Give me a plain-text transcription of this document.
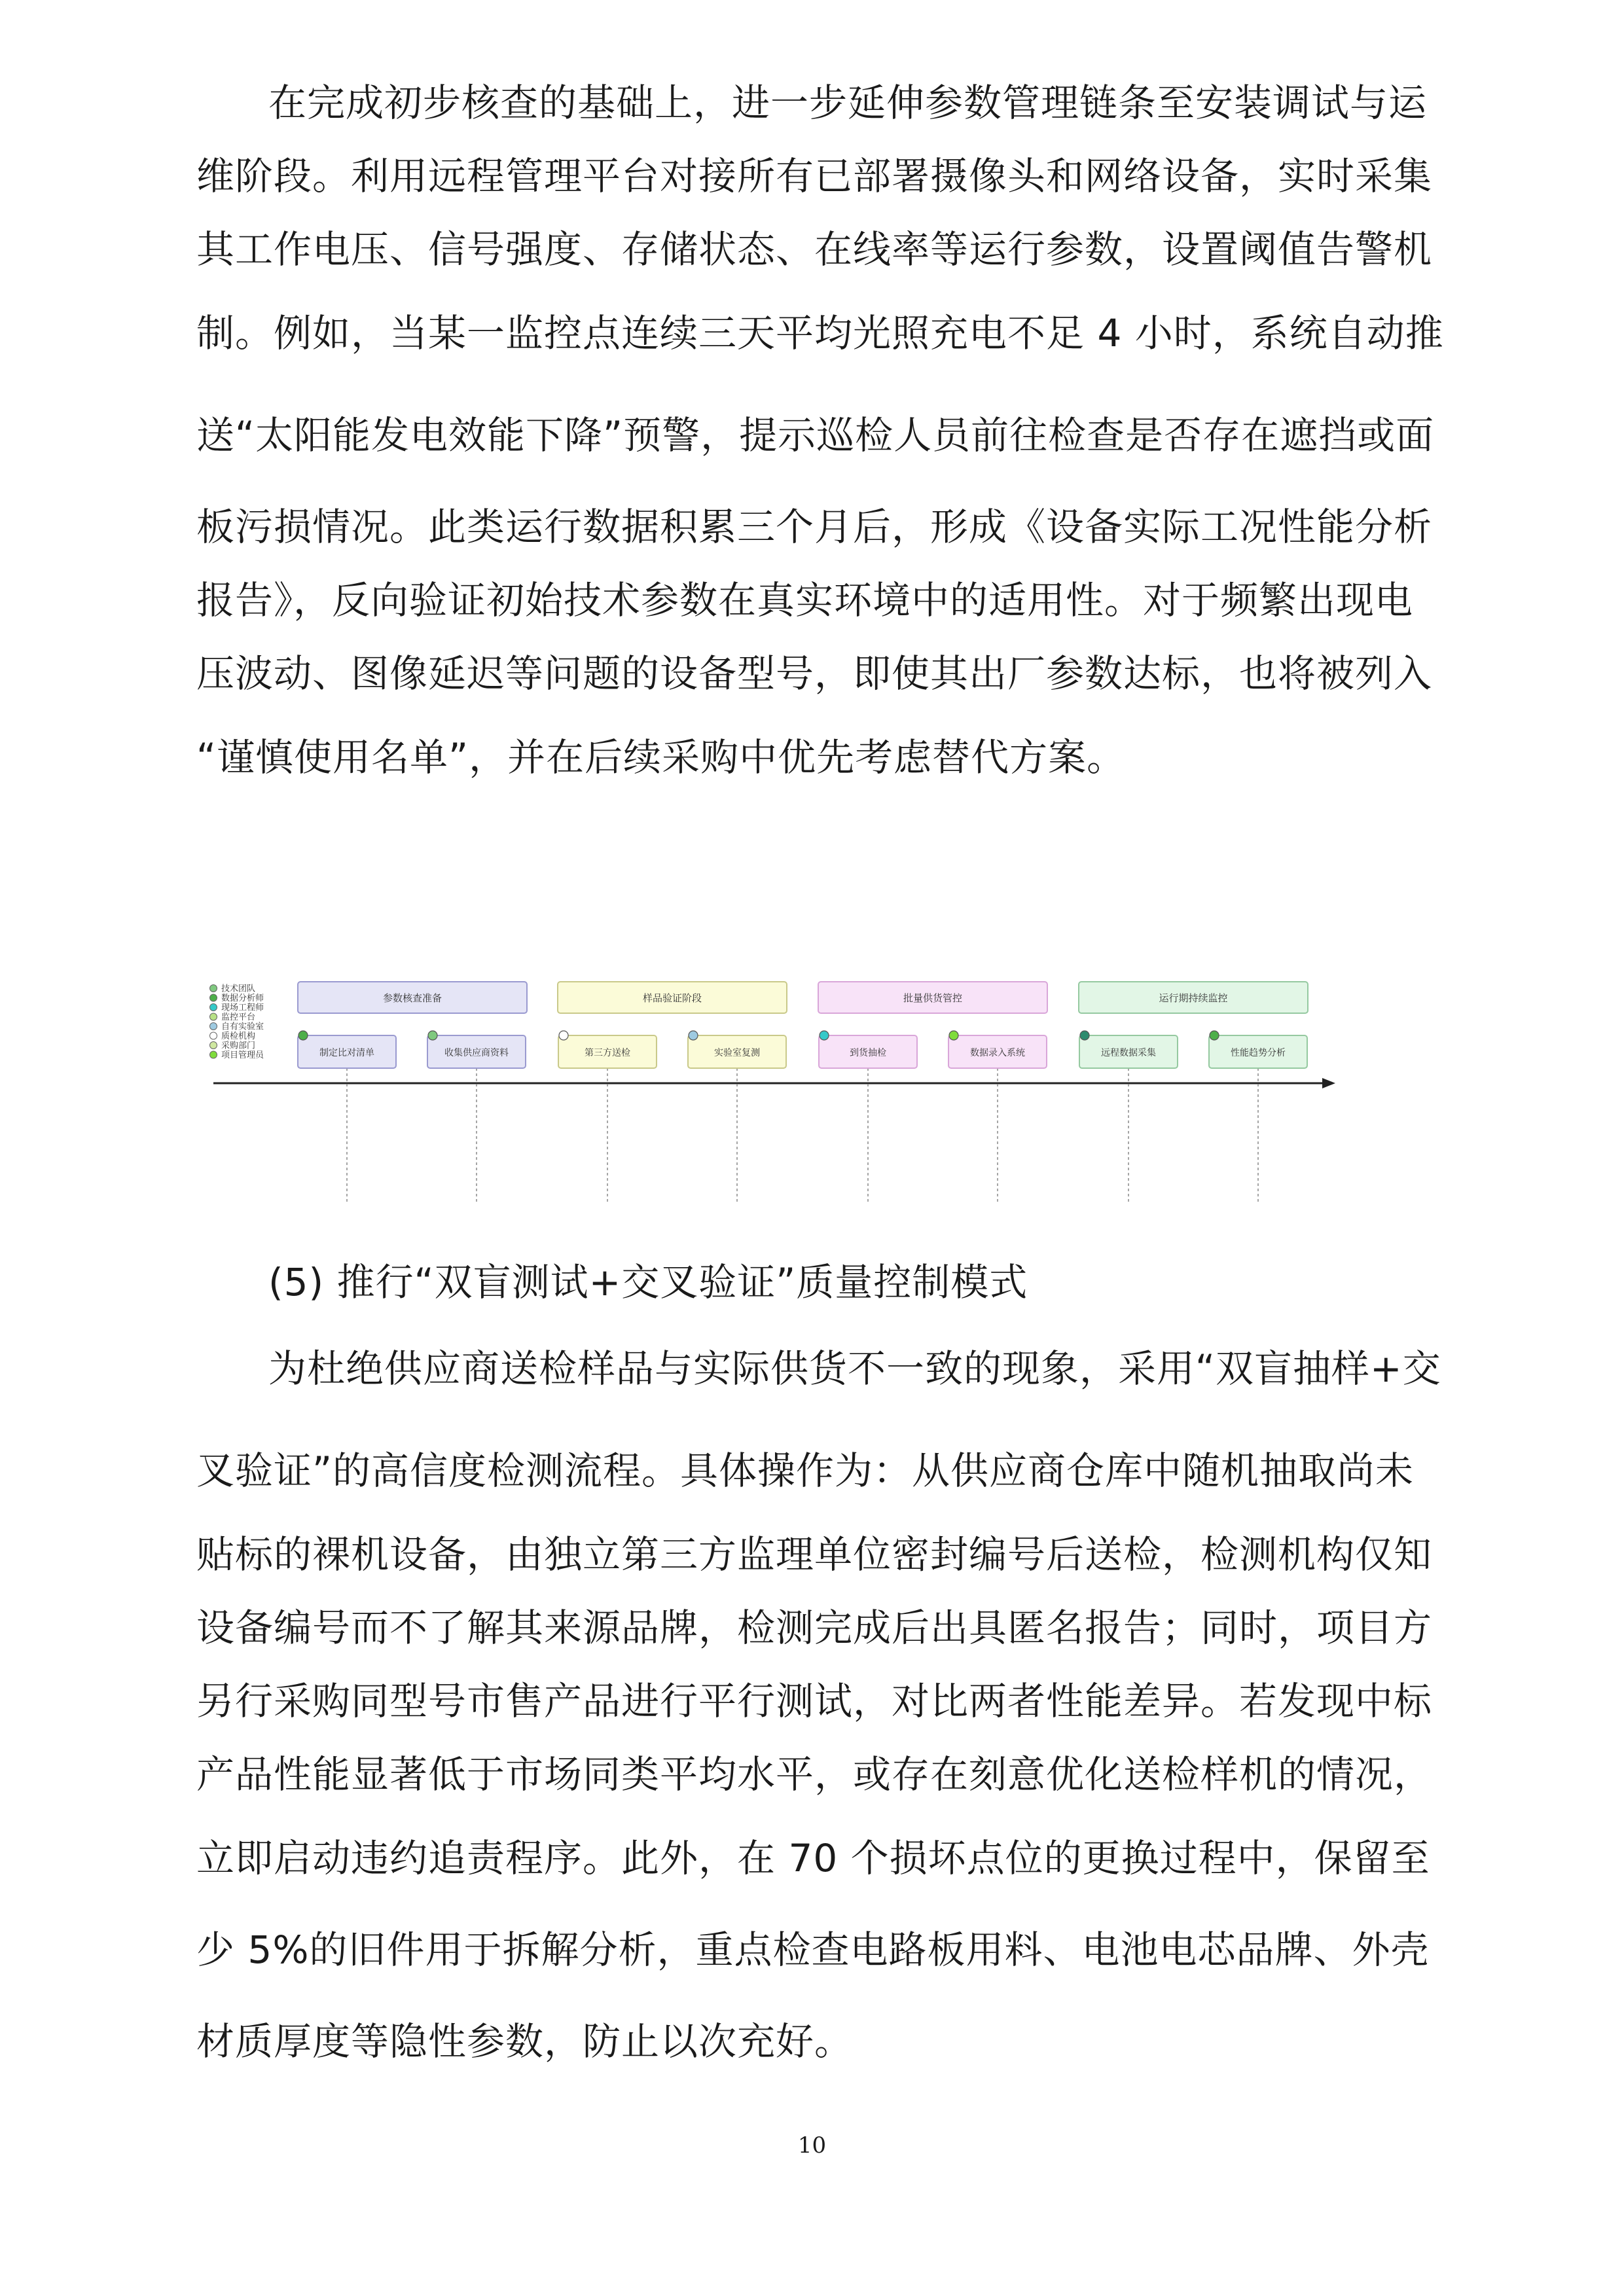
在完成初步核查的基础上，进一步延伸参数管理链条至安装调试与运
维阶段。利用远程管理平台对接所有已部署摄像头和网络设备，实时采集
其工作电压、信号强度、存储状态、在线率等运行参数，设置阈值告警机
制。例如，当某一监控点连续三天平均光照充电不足 4 小时，系统自动推
送“太阳能发电效能下降”预警，提示巡检人员前往检查是否存在遮挡或面
板污损情况。此类运行数据积累三个月后，形成《设备实际工况性能分析
报告》，反向验证初始技术参数在真实环境中的适用性。对于频繁出现电
压波动、图像延迟等问题的设备型号，即使其出厂参数达标，也将被列入
“谨慎使用名单”，并在后续采购中优先考虑替代方案。
技术团队
数据分析师
现场工程师
监控平台
自有实验室
质检机构
采购部门
项目管理员
参数核查准备	样品验证阶段	批量供货管控	运行期持续监控
制定比对清单	收集供应商资料	第三方送检	实验室复测	到货抽检	数据录入系统	远程数据采集	性能趋势分析
(5) 推行“双盲测试+交叉验证”质量控制模式
为杜绝供应商送检样品与实际供货不一致的现象，采用“双盲抽样+交
叉验证”的高信度检测流程。具体操作为：从供应商仓库中随机抽取尚未
贴标的裸机设备，由独立第三方监理单位密封编号后送检，检测机构仅知
设备编号而不了解其来源品牌，检测完成后出具匿名报告；同时，项目方
另行采购同型号市售产品进行平行测试，对比两者性能差异。若发现中标
产品性能显著低于市场同类平均水平，或存在刻意优化送检样机的情况，
立即启动违约追责程序。此外，在 70 个损坏点位的更换过程中，保留至
少 5%的旧件用于拆解分析，重点检查电路板用料、电池电芯品牌、外壳
材质厚度等隐性参数，防止以次充好。
10
